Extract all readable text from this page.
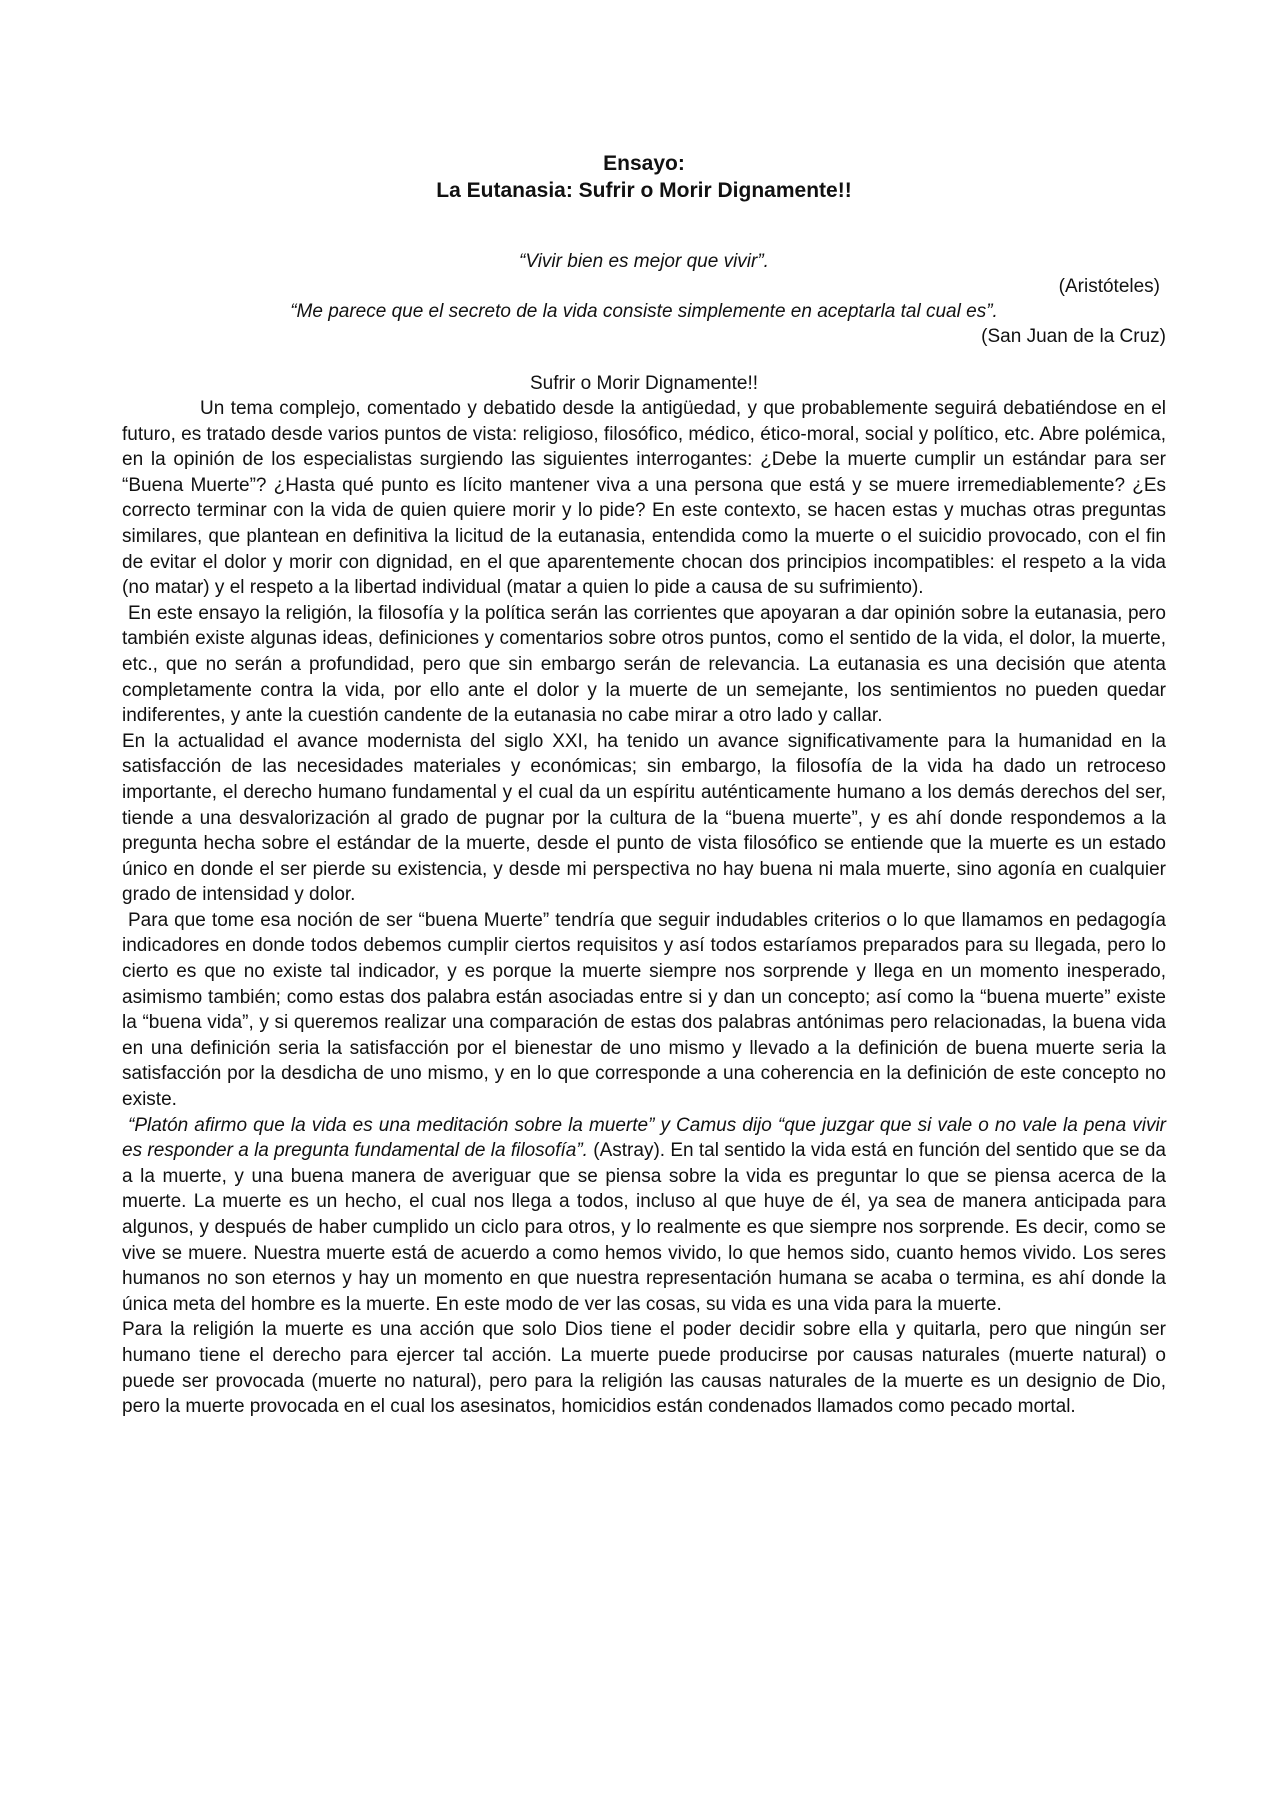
Ensayo:

La Eutanasia: Sufrir o Morir Dignamente!!

“Vivir bien es mejor que vivir”.
(Aristóteles)
“Me parece que el secreto de la vida consiste simplemente en aceptarla tal cual es”.
(San Juan de la Cruz)
Sufrir o Morir Dignamente!!

Un tema complejo, comentado y debatido desde la antigüedad, y que probablemente seguirá debatiéndose en el futuro, es tratado desde varios puntos de vista: religioso, filosófico, médico, ético-moral, social y político, etc. Abre polémica, en la opinión de los especialistas surgiendo las siguientes interrogantes: ¿Debe la muerte cumplir un estándar para ser “Buena Muerte”? ¿Hasta qué punto es lícito mantener viva a una persona que está y se muere irremediablemente? ¿Es correcto terminar con la vida de quien quiere morir y lo pide? En este contexto, se hacen estas y muchas otras preguntas similares, que plantean en definitiva la licitud de la eutanasia, entendida como la muerte o el suicidio provocado, con el fin de evitar el dolor y morir con dignidad, en el que aparentemente chocan dos principios incompatibles: el respeto a la vida (no matar) y el respeto a la libertad individual (matar a quien lo pide a causa de su sufrimiento).

En este ensayo la religión, la filosofía y la política serán las corrientes que apoyaran a dar opinión sobre la eutanasia, pero también existe algunas ideas, definiciones y comentarios sobre otros puntos, como el sentido de la vida, el dolor, la muerte, etc., que no serán a profundidad, pero que sin embargo serán de relevancia. La eutanasia es una decisión que atenta completamente contra la vida, por ello ante el dolor y la muerte de un semejante, los sentimientos no pueden quedar indiferentes, y ante la cuestión candente de la eutanasia no cabe mirar a otro lado y callar.

En la actualidad el avance modernista del siglo XXI, ha tenido un avance significativamente para la humanidad en la satisfacción de las necesidades materiales y económicas; sin embargo, la filosofía de la vida ha dado un retroceso importante, el derecho humano fundamental y el cual da un espíritu auténticamente humano a los demás derechos del ser, tiende a una desvalorización al grado de pugnar por la cultura de la “buena muerte”, y es ahí donde respondemos a la pregunta hecha sobre el estándar de la muerte, desde el punto de vista filosófico se entiende que la muerte es un estado único en donde el ser pierde su existencia, y desde mi perspectiva no hay buena ni mala muerte, sino agonía en cualquier grado de intensidad y dolor.

Para que tome esa noción de ser “buena Muerte” tendría que seguir indudables criterios o lo que llamamos en pedagogía indicadores en donde todos debemos cumplir ciertos requisitos y así todos estaríamos preparados para su llegada, pero lo cierto es que no existe tal indicador, y es porque la muerte siempre nos sorprende y llega en un momento inesperado, asimismo también; como estas dos palabra están asociadas entre si y dan un concepto; así como la “buena muerte” existe la “buena vida”, y si queremos realizar una comparación de estas dos palabras antónimas pero relacionadas, la buena vida en una definición seria la satisfacción por el bienestar de uno mismo y llevado a la definición de buena muerte seria la satisfacción por la desdicha de uno mismo, y en lo que corresponde a una coherencia en la definición de este concepto no existe.

“Platón afirmo que la vida es una meditación sobre la muerte” y Camus dijo “que juzgar que si vale o no vale la pena vivir es responder a la pregunta fundamental de la filosofía”. (Astray). En tal sentido la vida está en función del sentido que se da a la muerte, y una buena manera de averiguar que se piensa sobre la vida es preguntar lo que se piensa acerca de la muerte. La muerte es un hecho, el cual nos llega a todos, incluso al que huye de él, ya sea de manera anticipada para algunos, y después de haber cumplido un ciclo para otros, y lo realmente es que siempre nos sorprende. Es decir, como se vive se muere. Nuestra muerte está de acuerdo a como hemos vivido, lo que hemos sido, cuanto hemos vivido. Los seres humanos no son eternos y hay un momento en que nuestra representación humana se acaba o termina, es ahí donde la única meta del hombre es la muerte. En este modo de ver las cosas, su vida es una vida para la muerte.

Para la religión la muerte es una acción que solo Dios tiene el poder decidir sobre ella y quitarla, pero que ningún ser humano tiene el derecho para ejercer tal acción. La muerte puede producirse por causas naturales (muerte natural) o puede ser provocada (muerte no natural), pero para la religión las causas naturales de la muerte es un designio de Dio, pero la muerte provocada en el cual los asesinatos, homicidios están condenados llamados como pecado mortal.
